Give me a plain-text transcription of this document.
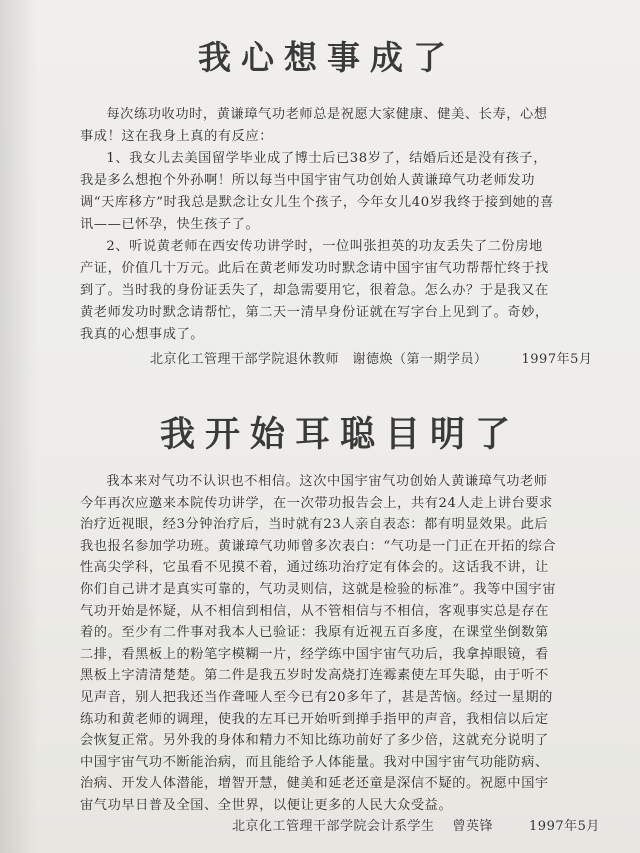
我心想事成了
每次练功收功时，黄谦璋气功老师总是祝愿大家健康、健美、长寿，心想事成！这在我身上真的有反应：
1、我女儿去美国留学毕业成了博士后已38岁了，结婚后还是没有孩子，我是多么想抱个外孙啊！所以每当中国宇宙气功创始人黄谦璋气功老师发功调“天库移方”时我总是默念让女儿生个孩子，今年女儿40岁我终于接到她的喜讯——已怀孕，快生孩子了。
2、听说黄老师在西安传功讲学时，一位叫张担英的功友丢失了二份房地产证，价值几十万元。此后在黄老师发功时默念请中国宇宙气功帮帮忙终于找到了。当时我的身份证丢失了，却急需要用它，很着急。怎么办？于是我又在黄老师发功时默念请帮忙，第二天一清早身份证就在写字台上见到了。奇妙，我真的心想事成了。
北京化工管理干部学院退休教师　谢德焕（第一期学员）	1997年5月
我开始耳聪目明了
我本来对气功不认识也不相信。这次中国宇宙气功创始人黄谦璋气功老师今年再次应邀来本院传功讲学，在一次带功报告会上，共有24人走上讲台要求治疗近视眼，经3分钟治疗后，当时就有23人亲自表态：都有明显效果。此后我也报名参加学功班。黄谦璋气功师曾多次表白：“气功是一门正在开拓的综合性高尖学科，它虽看不见摸不着，通过练功治疗定有体会的。这话我不讲，让你们自己讲才是真实可靠的，气功灵则信，这就是检验的标准”。我等中国宇宙气功开始是怀疑，从不相信到相信，从不管相信与不相信，客观事实总是存在着的。至少有二件事对我本人已验证：我原有近视五百多度，在课堂坐倒数第二排，看黑板上的粉笔字模糊一片，经学练中国宇宙气功后，我拿掉眼镜，看黑板上字清清楚楚。第二件是我五岁时发高烧打连霉素使左耳失聪，由于听不见声音，别人把我还当作聋哑人至今已有20多年了，甚是苦恼。经过一星期的练功和黄老师的调理，使我的左耳已开始听到掸手指甲的声音，我相信以后定会恢复正常。另外我的身体和精力不知比练功前好了多少倍，这就充分说明了中国宇宙气功不断能治病，而且能给予人体能量。我对中国宇宙气功能防病、治病、开发人体潜能，增智开慧，健美和延老还童是深信不疑的。祝愿中国宇宙气功早日普及全国、全世界，以便让更多的人民大众受益。
北京化工管理干部学院会计系学生 曾英锋	1997年5月
